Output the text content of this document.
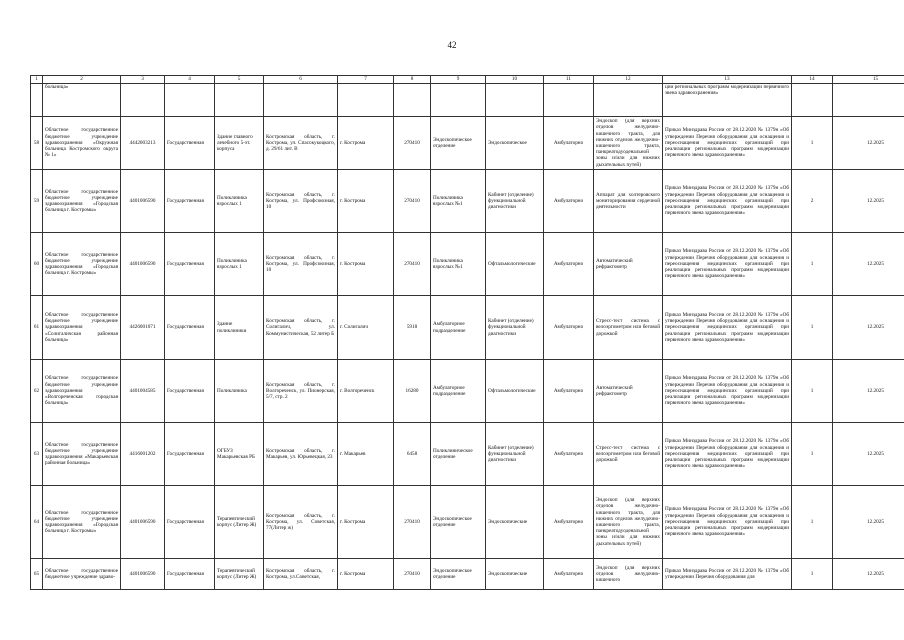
42
1	2	3	4	5	6	7	8	9	10	11	12	13	14	15
	больница»											ции региональных программ модернизации первичного звена здравоохранения»		
58	Областное государственное бюджетное учреждение здравоохранения «Окружная больница Костромского округа № 1»	4442003213	Государственная	Здание главного лечебного 5-эт. корпуса	Костромская область, г. Кострома, ул. Спасокукоцкого, д. 29/61 лит. В	г. Кострома	270410	Эндоскопическое отделение	Эндоскопическое	Амбулаторно	Эндоскоп (для верхних отделов желудочно-кишечного тракта, для нижних отделов желудочно-кишечного тракта, панкреатодуоденальной зоны и/или для нижних дыхательных путей)	Приказ Минздрава России от 28.12.2020 № 1379н «Об утверждении Перечня оборудования для оснащения и переоснащения медицинских организаций при реализации региональных программ модернизации первичного звена здравоохранения»	1	12.2025
59	Областное государственное бюджетное учреждение здравоохранения «Городская больница г. Костромы»	4401006590	Государственная	Поликлиника взрослых 1	Костромская область, г. Кострома, ул. Профсоюзная, 10	г. Кострома	270410	Поликлиника взрослых №1	Кабинет (отделение) функциональной диагностики	Амбулаторно	Аппарат для холтеровского мониторирования сердечной деятельности	Приказ Минздрава России от 28.12.2020 № 1379н «Об утверждении Перечня оборудования для оснащения и переоснащения медицинских организаций при реализации региональных программ модернизации первичного звена здравоохранения»	2	12.2025
60	Областное государственное бюджетное учреждение здравоохранения «Городская больница г. Костромы»	4401006590	Государственная	Поликлиника взрослых 1	Костромская область, г. Кострома, ул. Профсоюзная, 10	г. Кострома	270410	Поликлиника взрослых №1	Офтальмологические	Амбулаторно	Автоматический рефрактометр	Приказ Минздрава России от 28.12.2020 № 1379н «Об утверждении Перечня оборудования для оснащения и переоснащения медицинских организаций при реализации региональных программ модернизации первичного звена здравоохранения»	1	12.2025
61	Областное государственное бюджетное учреждение здравоохранения «Солигаличская районная больница»	4426001071	Государственная	Здание поликлиники	Костромская область, г. Солигалич, ул. Коммунистическая, 52 литер Б	г. Солигалич	5918	Амбулаторное подразделение	Кабинет (отделение) функциональной диагностики	Амбулаторно	Стресс-тест система с велоэргометром или беговой дорожкой	Приказ Минздрава России от 28.12.2020 № 1379н «Об утверждении Перечня оборудования для оснащения и переоснащения медицинских организаций при реализации региональных программ модернизации первичного звена здравоохранения»	1	12.2025
62	Областное государственное бюджетное учреждение здравоохранения «Волгореченская городская больница»	4401004585	Государственная	Поликлиника	Костромская область, г. Волгореченск, ул. Пионерская, 5/7, стр. 2	г. Волгореченск	16280	Амбулаторное подразделение	Офтальмологические	Амбулаторно	Автоматический рефрактометр	Приказ Минздрава России от 28.12.2020 № 1379н «Об утверждении Перечня оборудования для оснащения и переоснащения медицинских организаций при реализации региональных программ модернизации первичного звена здравоохранения»	1	12.2025
63	Областное государственное бюджетное учреждение здравоохранения «Макарьевская районная больница»	4416001202	Государственная	ОГБУЗ Макарьевская РБ	Костромская область, г. Макарьев, ул. Юрьевецкая, 23	г. Макарьев	6458	Поликлиническое отделение	Кабинет (отделение) функциональной диагностики	Амбулаторно	Стресс-тест система с велоэргометром или беговой дорожкой	Приказ Минздрава России от 28.12.2020 № 1379н «Об утверждении Перечня оборудования для оснащения и переоснащения медицинских организаций при реализации региональных программ модернизации первичного звена здравоохранения»	1	12.2025
64	Областное государственное бюджетное учреждение здравоохранения «Городская больница г. Костромы»	4401006590	Государственная	Терапевтический корпус (Литер Ж)	Костромская область, г. Кострома, ул. Советская, 77(Литер ж)	г. Кострома	270410	Эндоскопическое отделение	Эндоскопические	Амбулаторно	Эндоскоп (для верхних отделов желудочно-кишечного тракта, для нижних отделов желудочно-кишечного тракта, панкреатодуоденальной зоны и/или для нижних дыхательных путей)	Приказ Минздрава России от 28.12.2020 № 1379н «Об утверждении Перечня оборудования для оснащения и переоснащения медицинских организаций при реализации региональных программ модернизации первичного звена здравоохранения»	1	12.2025
65	Областное государственное бюджетное учреждение здраво-	4401006590	Государственная	Терапевтический корпус (Литер Ж)	Костромская область, г. Кострома, ул.Советская,	г. Кострома	270410	Эндоскопическое отделение	Эндоскопические	Амбулаторно	Эндоскоп (для верхних отделов желудочно-кишечного	Приказ Минздрава России от 28.12.2020 № 1379н «Об утверждении Перечня оборудования для	1	12.2025
